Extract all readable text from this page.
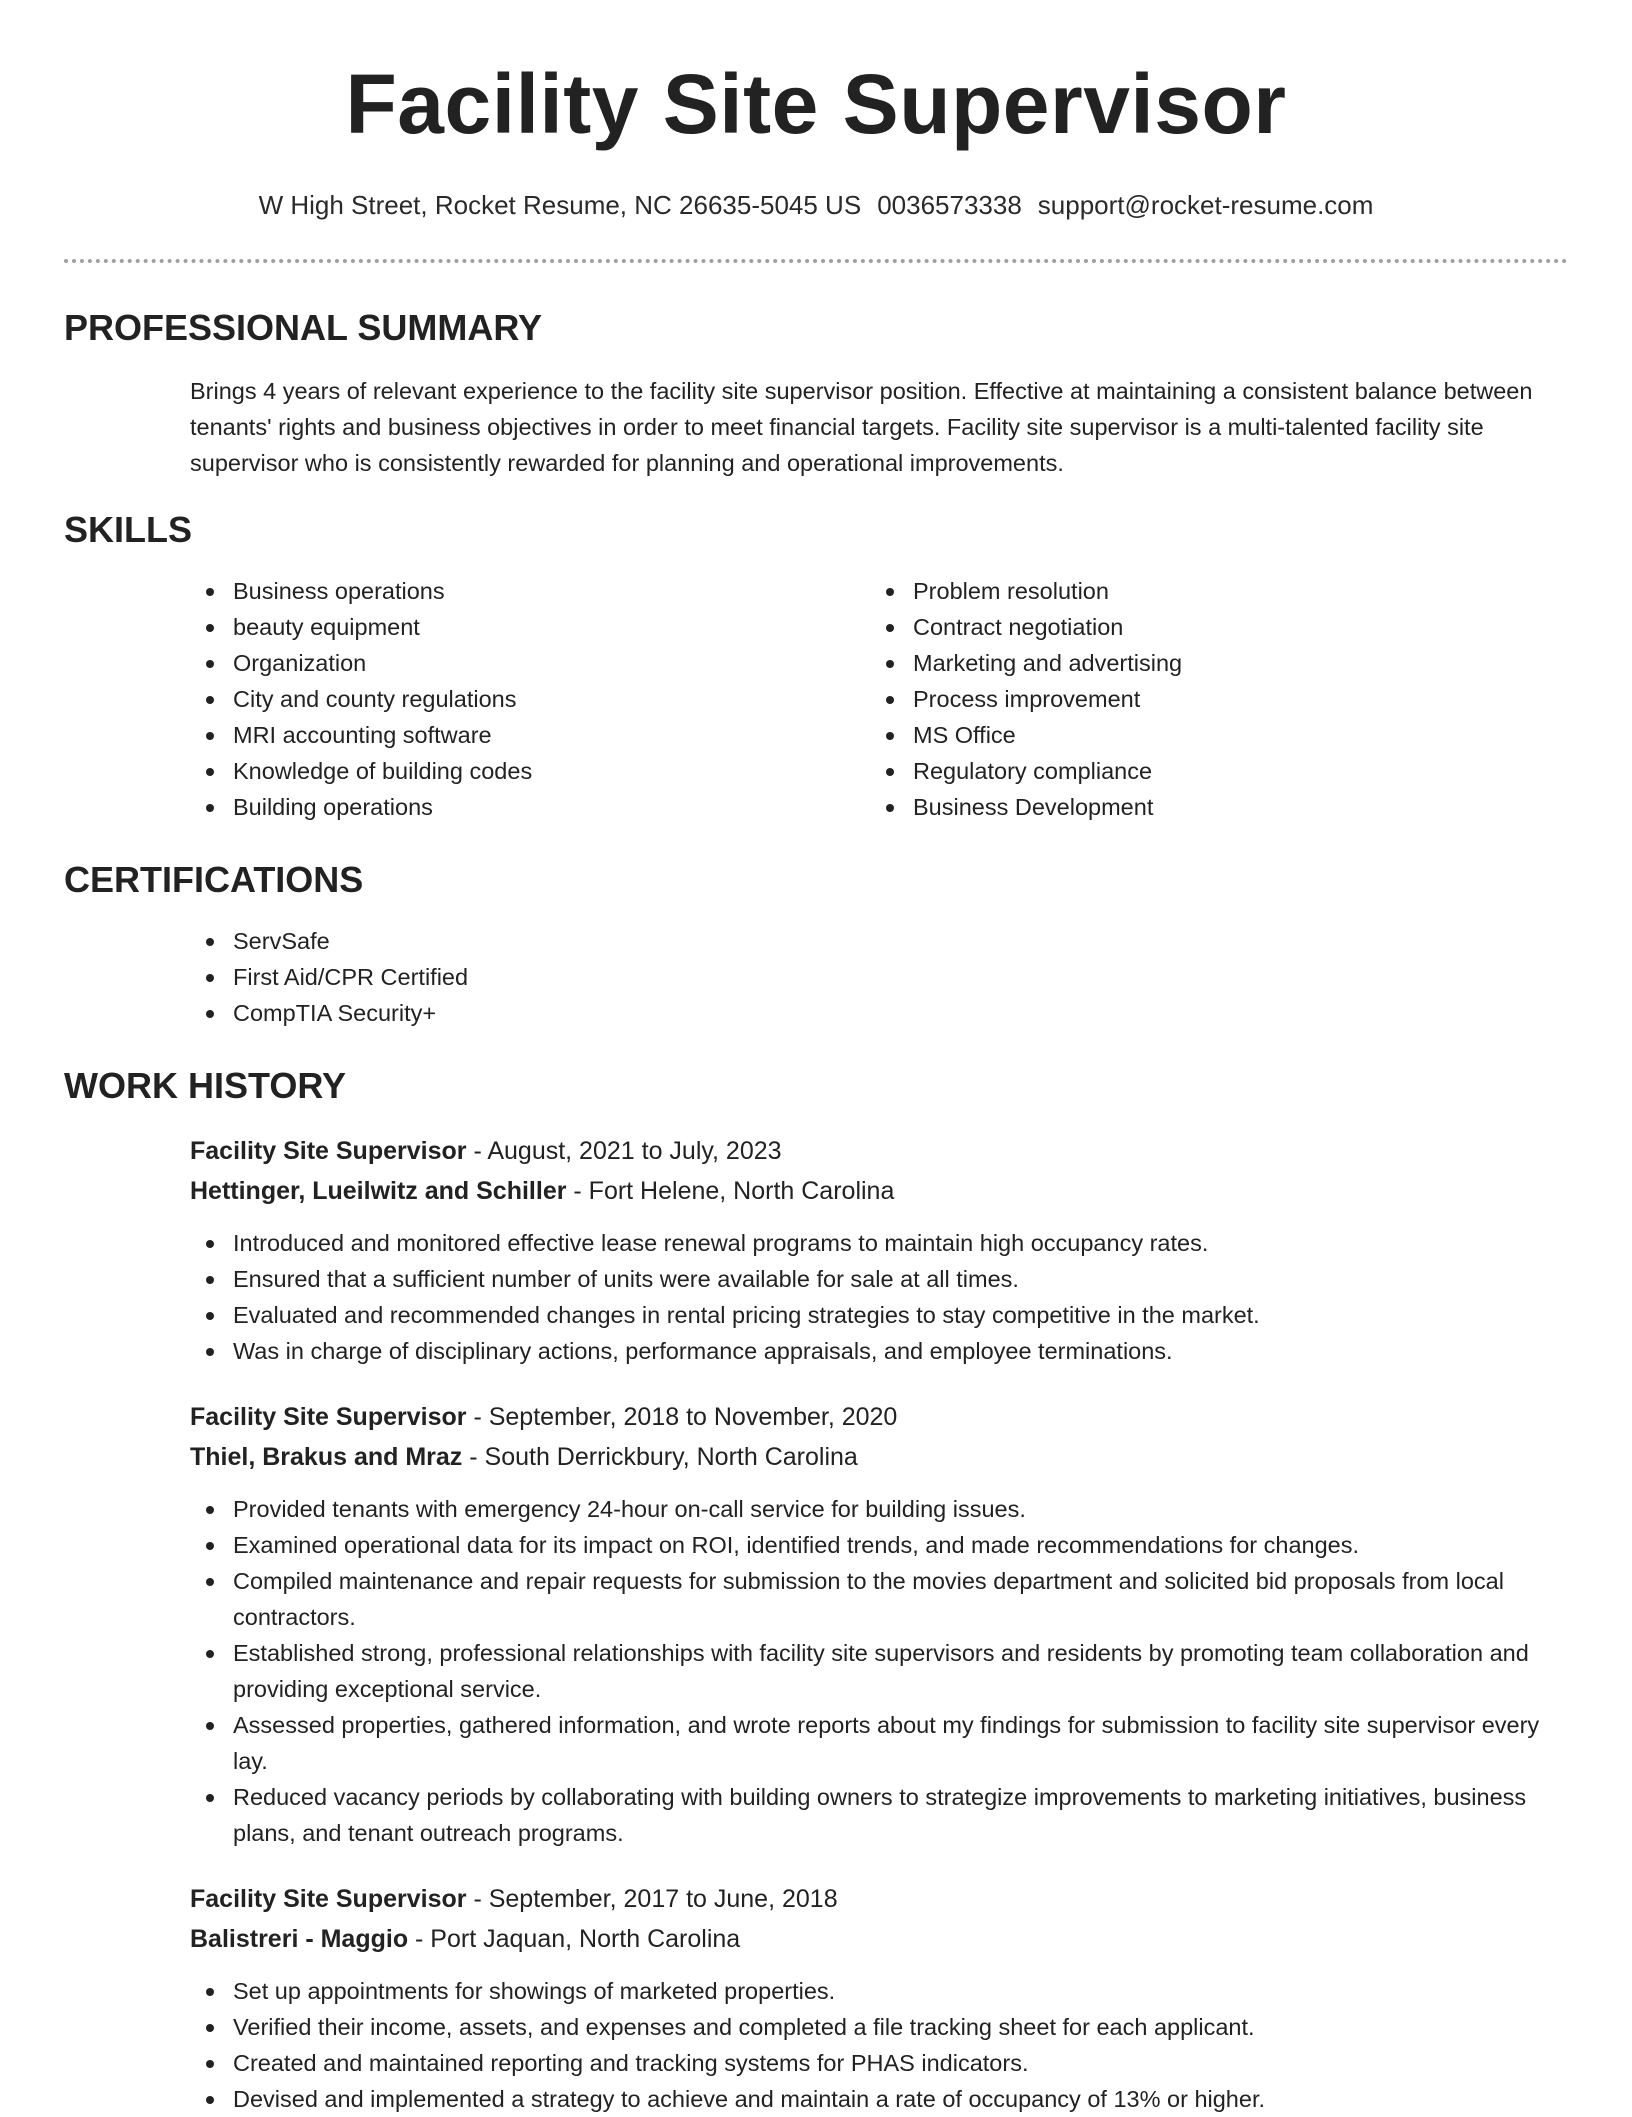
Facility Site Supervisor
W High Street, Rocket Resume, NC 26635-5045 US 0036573338 support@rocket-resume.com
PROFESSIONAL SUMMARY

Brings 4 years of relevant experience to the facility site supervisor position. Effective at maintaining a consistent balance between tenants' rights and business objectives in order to meet financial targets. Facility site supervisor is a multi-talented facility site supervisor who is consistently rewarded for planning and operational improvements.

SKILLS
Business operations
beauty equipment
Organization
City and county regulations
MRI accounting software
Knowledge of building codes
Building operations
Problem resolution
Contract negotiation
Marketing and advertising
Process improvement
MS Office
Regulatory compliance
Business Development
CERTIFICATIONS
ServSafe
First Aid/CPR Certified
CompTIA Security+
WORK HISTORY
Facility Site Supervisor - August, 2021 to July, 2023
Hettinger, Lueilwitz and Schiller - Fort Helene, North Carolina
Introduced and monitored effective lease renewal programs to maintain high occupancy rates.
Ensured that a sufficient number of units were available for sale at all times.
Evaluated and recommended changes in rental pricing strategies to stay competitive in the market.
Was in charge of disciplinary actions, performance appraisals, and employee terminations.
Facility Site Supervisor - September, 2018 to November, 2020
Thiel, Brakus and Mraz - South Derrickbury, North Carolina
Provided tenants with emergency 24-hour on-call service for building issues.
Examined operational data for its impact on ROI, identified trends, and made recommendations for changes.
Compiled maintenance and repair requests for submission to the movies department and solicited bid proposals from local contractors.
Established strong, professional relationships with facility site supervisors and residents by promoting team collaboration and providing exceptional service.
Assessed properties, gathered information, and wrote reports about my findings for submission to facility site supervisor every lay.
Reduced vacancy periods by collaborating with building owners to strategize improvements to marketing initiatives, business plans, and tenant outreach programs.
Facility Site Supervisor - September, 2017 to June, 2018
Balistreri - Maggio - Port Jaquan, North Carolina
Set up appointments for showings of marketed properties.
Verified their income, assets, and expenses and completed a file tracking sheet for each applicant.
Created and maintained reporting and tracking systems for PHAS indicators.
Devised and implemented a strategy to achieve and maintain a rate of occupancy of 13% or higher.
